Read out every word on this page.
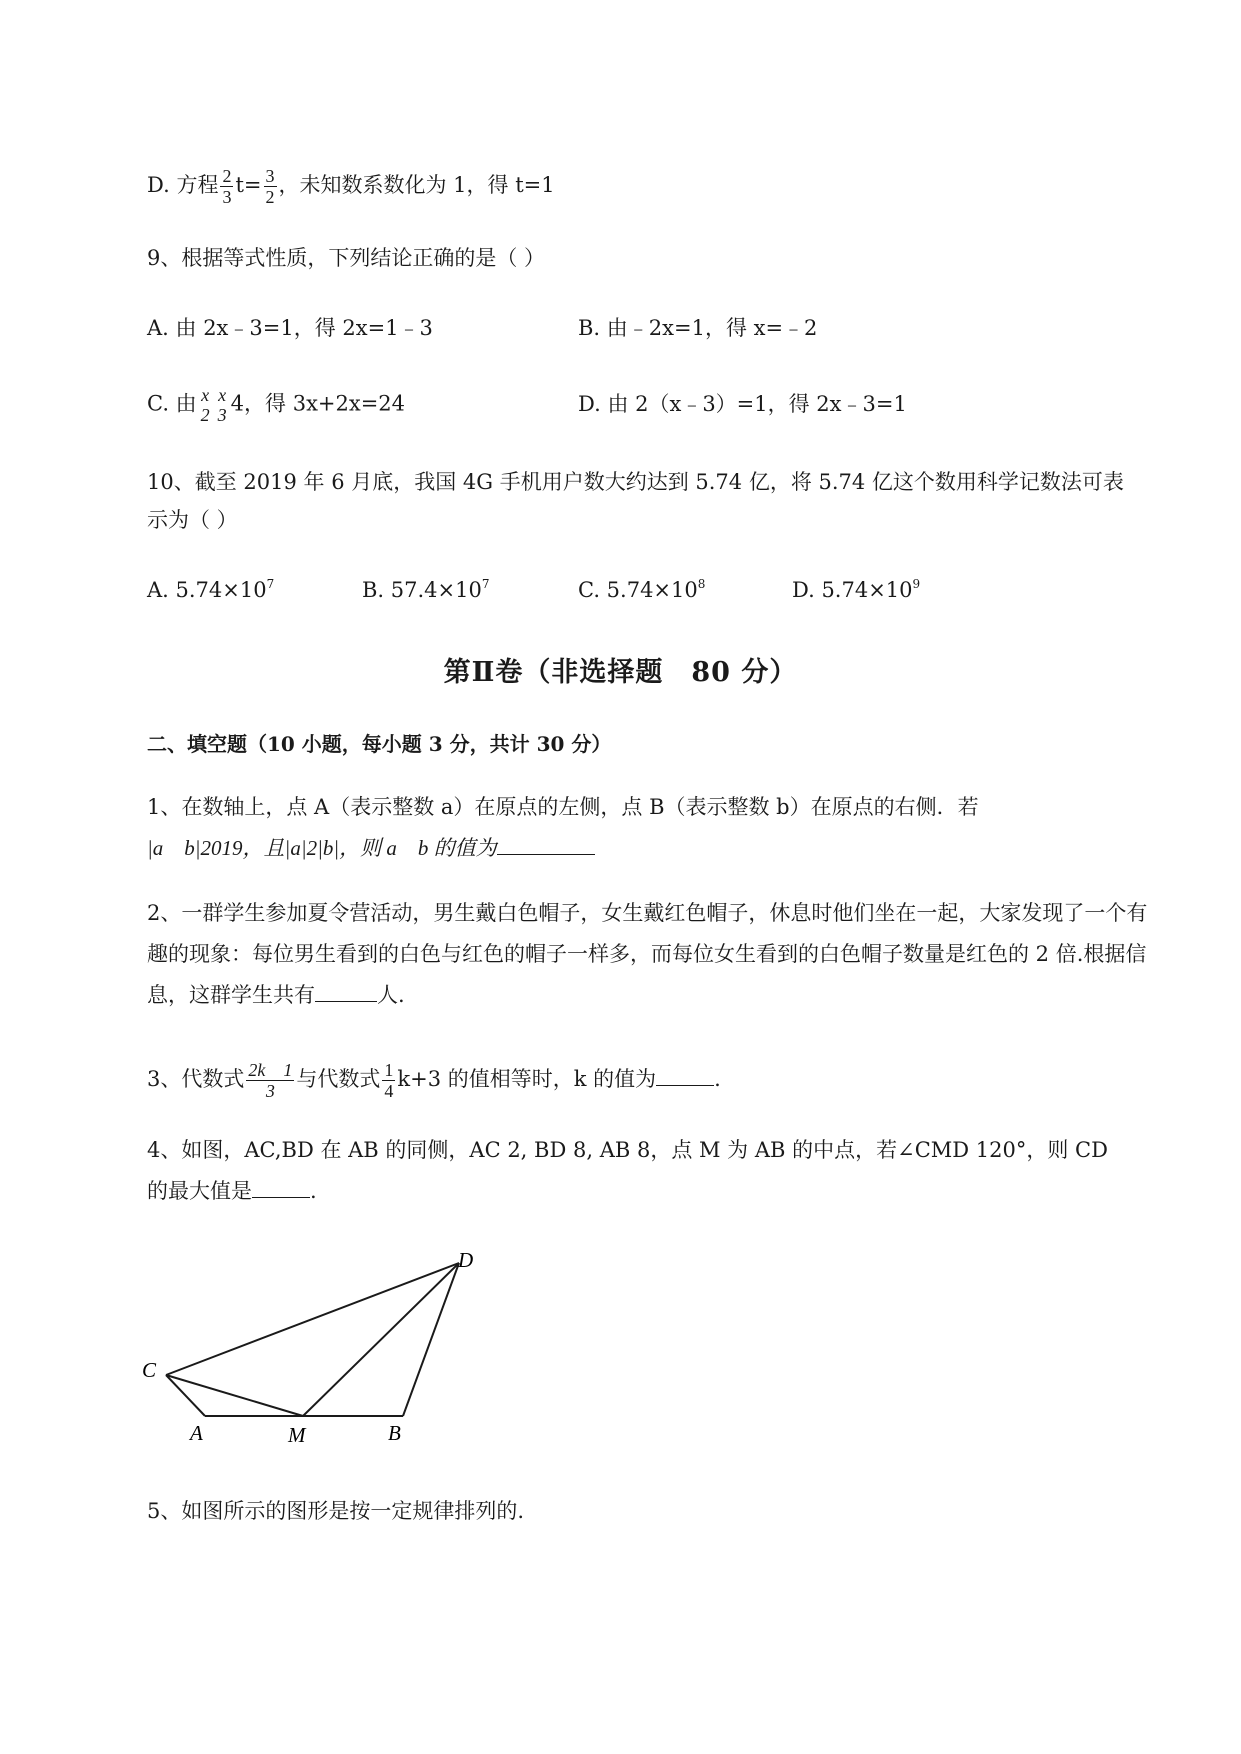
D. 方程 $\frac{2}{3} t= \frac{3}{2}$ ，未知数系数化为 1，得 t=1
9、根据等式性质，下列结论正确的是（ ）
A. 由 2x﹣3=1，得 2x=1﹣3	B. 由﹣2x=1，得 x=﹣2
C. 由 x
2
x
3 4，得 3x+2x=24	D. 由 2（x﹣3）=1，得 2x﹣3=1
10、截至 2019 年 6 月底，我国 4G 手机用户数大约达到 5.74 亿，将 5.74 亿这个数用科学记数法可表
示为（ ）
A. $5.74\times 10^7$	B. $57.4\times 10^7$	C. $5.74\times 10^8$	D. $5.74\times 10^9$
第Ⅱ卷（非选择题　80 分）
二、填空题（10 小题，每小题 3 分，共计 30 分）
1、在数轴上，点 A（表示整数 a）在原点的左侧，点 B（表示整数 b）在原点的右侧．若
|a　b|2019，且|a|2|b|，则 a　b 的值为
2、一群学生参加夏令营活动，男生戴白色帽子，女生戴红色帽子，休息时他们坐在一起，大家发现了一个有趣的现象：每位男生看到的白色与红色的帽子一样多，而每位女生看到的白色帽子数量是红色的 2 倍.根据信息，这群学生共有	人.
3、代数式 $\frac{2k 1}{3}$ 与代数式 $\frac{1}{4} k+3$ 的值相等时，k 的值为	.
4、如图，AC,BD 在 AB 的同侧，AC 2, BD 8, AB 8，点 M 为 AB 的中点，若∠CMD 120°，则 CD
的最大值是	.
C
A	M	B
D
5、如图所示的图形是按一定规律排列的.
